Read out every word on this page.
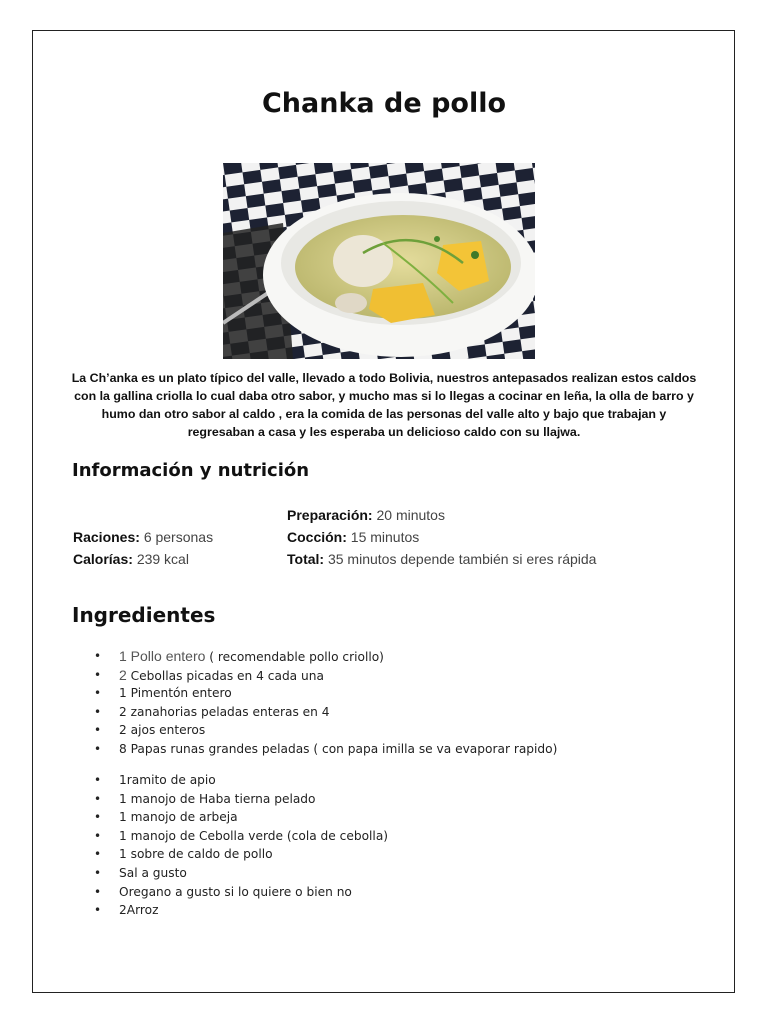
Chanka de pollo

La Ch’anka es un plato típico del valle, llevado a todo Bolivia, nuestros antepasados realizan estos caldos con la gallina criolla lo cual daba otro sabor, y mucho mas si lo llegas a cocinar en leña, la olla de barro y humo dan otro sabor al caldo , era la comida de las personas del valle alto y bajo que trabajan y regresaban a casa y les esperaba un delicioso caldo con su llajwa.

Información y nutrición
Preparación: 20 minutos
Raciones: 6 personas	Cocción: 15 minutos
Calorías: 239 kcal	Total: 35 minutos depende también si eres rápida
Ingredientes
• 1 Pollo entero ( recomendable pollo criollo)
• 2 Cebollas picadas en 4 cada una
• 1 Pimentón entero
• 2 zanahorias peladas enteras en 4
• 2 ajos enteros
• 8 Papas runas grandes peladas ( con papa imilla se va evaporar rapido)
• 1ramito de apio
• 1 manojo de Haba tierna pelado
• 1 manojo de arbeja
• 1 manojo de Cebolla verde (cola de cebolla)
• 1 sobre de caldo de pollo
• Sal a gusto
• Oregano a gusto si lo quiere o bien no
• 2Arroz
